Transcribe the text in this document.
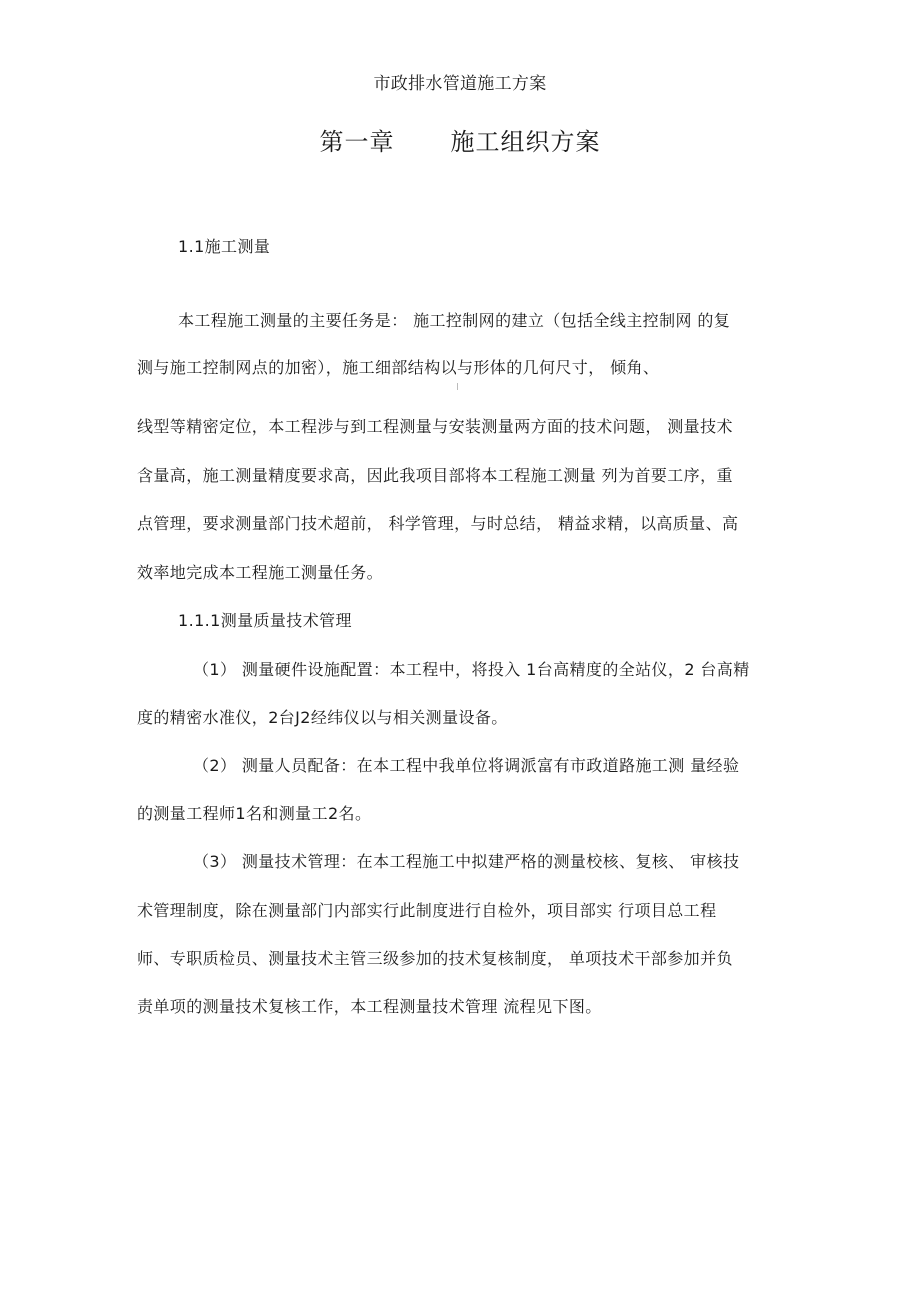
市政排水管道施工方案
第一章 施工组织方案
1.1施工测量
本工程施工测量的主要任务是： 施工控制网的建立（包括全线主控制网 的复
测与施工控制网点的加密），施工细部结构以与形体的几何尺寸， 倾角、
线型等精密定位，本工程涉与到工程测量与安装测量两方面的技术问题， 测量技术
含量高，施工测量精度要求高，因此我项目部将本工程施工测量 列为首要工序，重
点管理，要求测量部门技术超前， 科学管理，与时总结， 精益求精，以高质量、高
效率地完成本工程施工测量任务。
1.1.1测量质量技术管理
（1） 测量硬件设施配置：本工程中，将投入 1台高精度的全站仪，2 台高精
度的精密水准仪，2台J2经纬仪以与相关测量设备。
（2） 测量人员配备：在本工程中我单位将调派富有市政道路施工测 量经验
的测量工程师1名和测量工2名。
（3） 测量技术管理：在本工程施工中拟建严格的测量校核、复核、 审核技
术管理制度，除在测量部门内部实行此制度进行自检外，项目部实 行项目总工程
师、专职质检员、测量技术主管三级参加的技术复核制度， 单项技术干部参加并负
责单项的测量技术复核工作，本工程测量技术管理 流程见下图。
